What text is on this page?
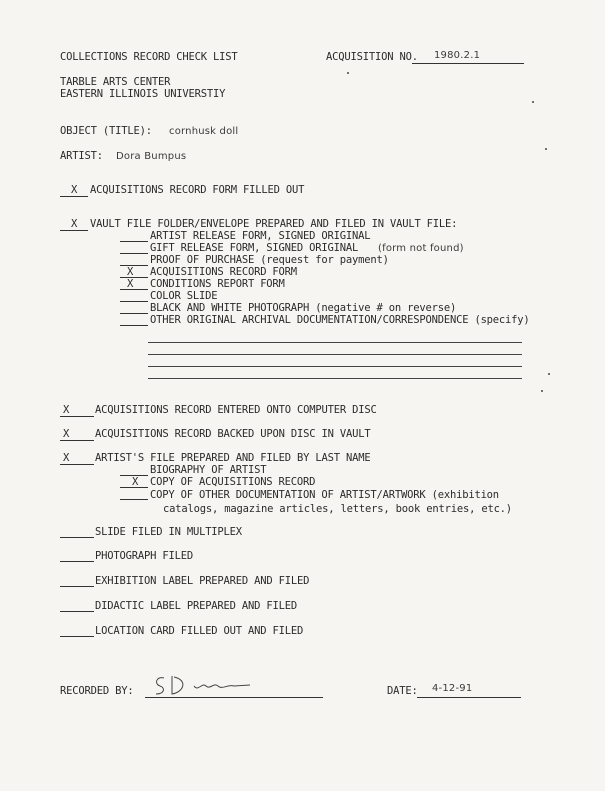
COLLECTIONS RECORD CHECK LIST	ACQUISITION NO. 1980.2.1
TARBLE ARTS CENTER
EASTERN ILLINOIS UNIVERSTIY
OBJECT (TITLE): cornhusk doll
ARTIST: Dora Bumpus
X ACQUISITIONS RECORD FORM FILLED OUT
X VAULT FILE FOLDER/ENVELOPE PREPARED AND FILED IN VAULT FILE:
ARTIST RELEASE FORM, SIGNED ORIGINAL
GIFT RELEASE FORM, SIGNED ORIGINAL (form not found)
PROOF OF PURCHASE (request for payment)
X ACQUISITIONS RECORD FORM
X CONDITIONS REPORT FORM
COLOR SLIDE
BLACK AND WHITE PHOTOGRAPH (negative # on reverse)
OTHER ORIGINAL ARCHIVAL DOCUMENTATION/CORRESPONDENCE (specify)
X ACQUISITIONS RECORD ENTERED ONTO COMPUTER DISC
X ACQUISITIONS RECORD BACKED UPON DISC IN VAULT
X ARTIST'S FILE PREPARED AND FILED BY LAST NAME
BIOGRAPHY OF ARTIST
X COPY OF ACQUISITIONS RECORD
COPY OF OTHER DOCUMENTATION OF ARTIST/ARTWORK (exhibition
catalogs, magazine articles, letters, book entries, etc.)
SLIDE FILED IN MULTIPLEX
PHOTOGRAPH FILED
EXHIBITION LABEL PREPARED AND FILED
DIDACTIC LABEL PREPARED AND FILED
LOCATION CARD FILLED OUT AND FILED
RECORDED BY:	DATE: 4-12-91
